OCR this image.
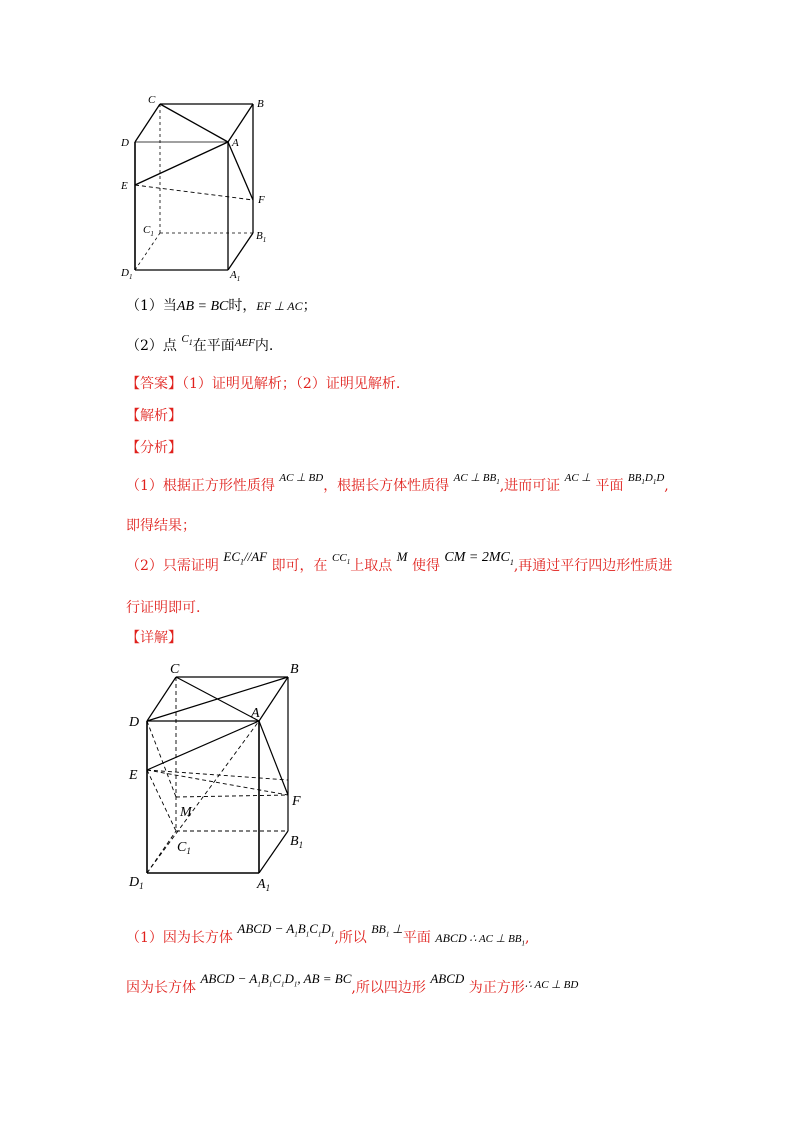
C	B
D	A
E
F
$C_1$	$B_1$
$D_1$	$A_1$
（1）当AB = BC时，EF ⊥ AC；
（2）点 $^{C_1}$在平面$^{AEF}$内.
【答案】（1）证明见解析；（2）证明见解析.
【解析】
【分析】
（1）根据正方形性质得 $^{AC \perp BD}$，根据长方体性质得 $^{AC \perp BB_1}$,进而可证 $^{AC \perp}$ 平面 $^{BB_1D_1D}$,
即得结果；
（2）只需证明 $EC_1//AF$ 即可，在 $^{CC_1}$上取点 M 使得 CM = $2MC_1$,再通过平行四边形性质进
行证明即可.
【详解】
C	B
D
A
E
M
F
$C_1$
$B_1$
$D_1$	$A_1$
（1）因为长方体 ABCD − $A_1B_1C_1D_1$,所以 $BB_1$ ⊥平面 ABCD ∴ AC ⊥ $BB_1$,
因为长方体 ABCD − $A_1B_1C_1D_1$, AB = BC,所以四边形 ABCD 为正方形$^{\therefore AC \perp BD}$
